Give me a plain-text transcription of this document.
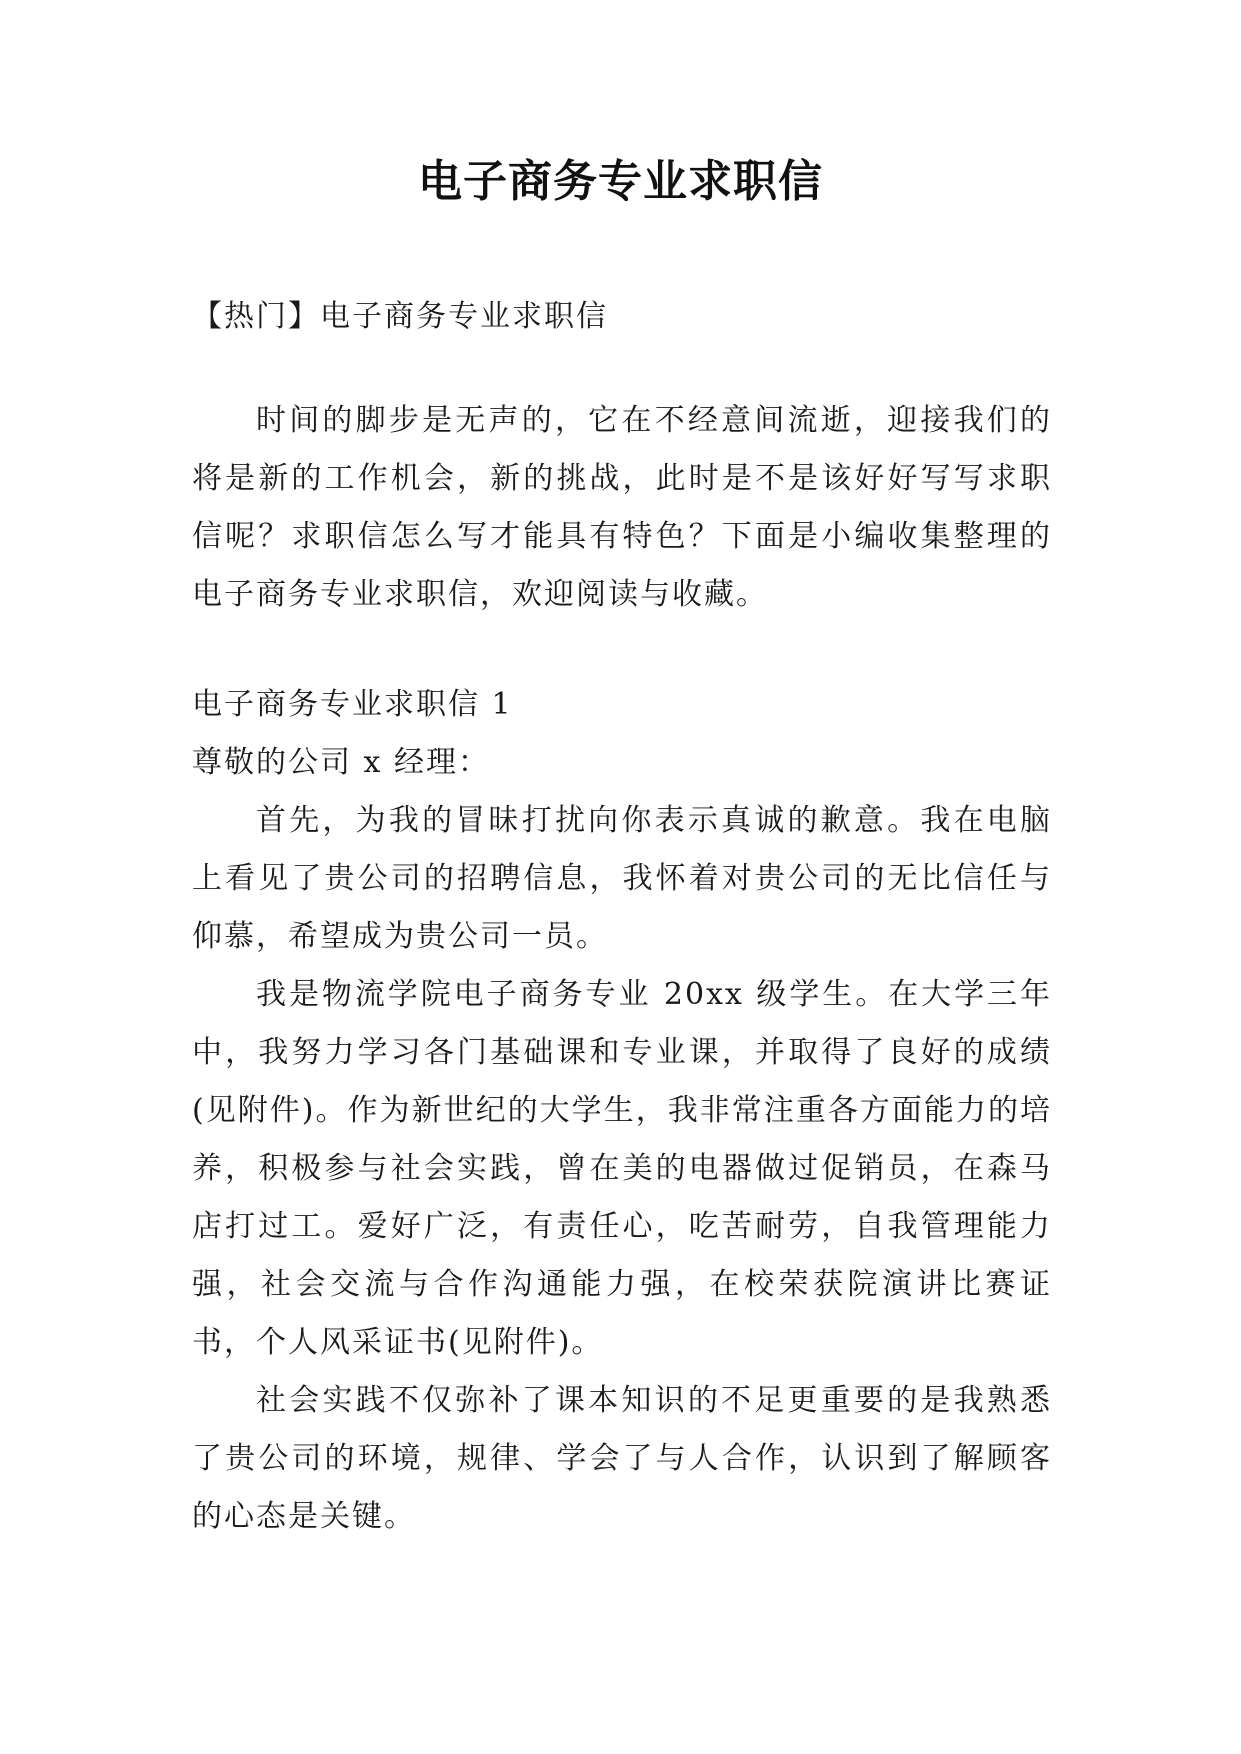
电子商务专业求职信

【热门】电子商务专业求职信

时间的脚步是无声的，它在不经意间流逝，迎接我们的将是新的工作机会，新的挑战，此时是不是该好好写写求职信呢？求职信怎么写才能具有特色？下面是小编收集整理的电子商务专业求职信，欢迎阅读与收藏。

电子商务专业求职信 1

尊敬的公司 x 经理：

首先，为我的冒昧打扰向你表示真诚的歉意。我在电脑上看见了贵公司的招聘信息，我怀着对贵公司的无比信任与仰慕，希望成为贵公司一员。

我是物流学院电子商务专业 20xx 级学生。在大学三年中，我努力学习各门基础课和专业课，并取得了良好的成绩(见附件)。作为新世纪的大学生，我非常注重各方面能力的培养，积极参与社会实践，曾在美的电器做过促销员，在森马店打过工。爱好广泛，有责任心，吃苦耐劳，自我管理能力强，社会交流与合作沟通能力强，在校荣获院演讲比赛证书，个人风采证书(见附件)。

社会实践不仅弥补了课本知识的不足更重要的是我熟悉了贵公司的环境，规律、学会了与人合作，认识到了解顾客的心态是关键。
